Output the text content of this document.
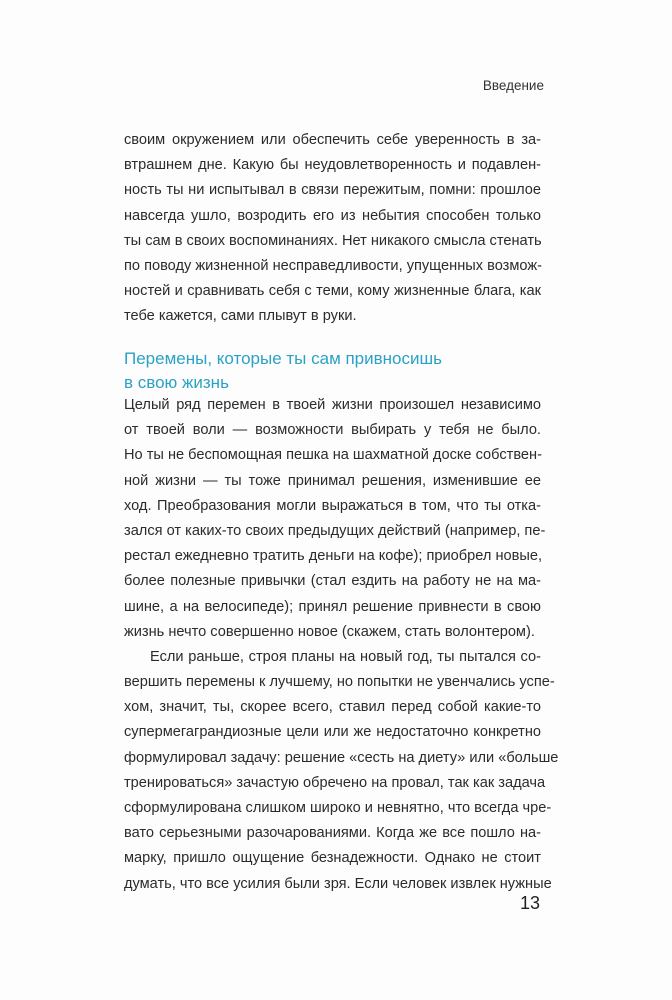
Введение
своим окружением или обеспечить себе уверенность в за-
втрашнем дне. Какую бы неудовлетворенность и подавлен-
ность ты ни испытывал в связи пережитым, помни: прошлое
навсегда ушло, возродить его из небытия способен только
ты сам в своих воспоминаниях. Нет никакого смысла стенать
по поводу жизненной несправедливости, упущенных возмож-
ностей и сравнивать себя с теми, кому жизненные блага, как
тебе кажется, сами плывут в руки.
Перемены, которые ты сам привносишь
в свою жизнь
Целый ряд перемен в твоей жизни произошел независимо
от твоей воли — возможности выбирать у тебя не было.
Но ты не беспомощная пешка на шахматной доске собствен-
ной жизни — ты тоже принимал решения, изменившие ее
ход. Преобразования могли выражаться в том, что ты отка-
зался от каких-то своих предыдущих действий (например, пе-
рестал ежедневно тратить деньги на кофе); приобрел новые,
более полезные привычки (стал ездить на работу не на ма-
шине, а на велосипеде); принял решение привнести в свою
жизнь нечто совершенно новое (скажем, стать волонтером).
Если раньше, строя планы на новый год, ты пытался со-
вершить перемены к лучшему, но попытки не увенчались успе-
хом, значит, ты, скорее всего, ставил перед собой какие-то
супермегаграндиозные цели или же недостаточно конкретно
формулировал задачу: решение «сесть на диету» или «больше
тренироваться» зачастую обречено на провал, так как задача
сформулирована слишком широко и невнятно, что всегда чре-
вато серьезными разочарованиями. Когда же все пошло на-
марку, пришло ощущение безнадежности. Однако не стоит
думать, что все усилия были зря. Если человек извлек нужные
13
